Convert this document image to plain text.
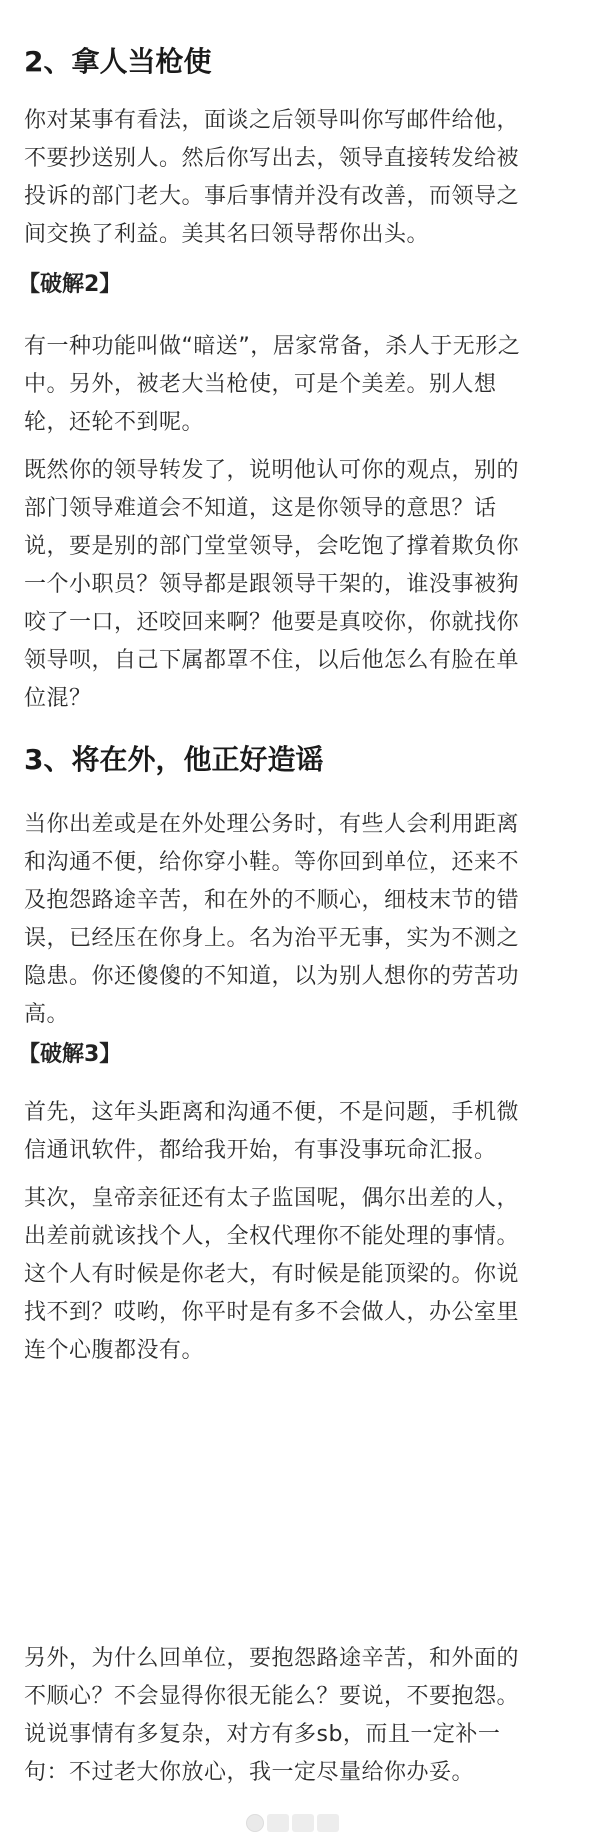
2、拿人当枪使
你对某事有看法，面谈之后领导叫你写邮件给他，
不要抄送别人。然后你写出去，领导直接转发给被
投诉的部门老大。事后事情并没有改善，而领导之
间交换了利益。美其名曰领导帮你出头。
【破解2】
有一种功能叫做“暗送”，居家常备，杀人于无形之
中。另外，被老大当枪使，可是个美差。别人想
轮，还轮不到呢。
既然你的领导转发了，说明他认可你的观点，别的
部门领导难道会不知道，这是你领导的意思？话
说，要是别的部门堂堂领导，会吃饱了撑着欺负你
一个小职员？领导都是跟领导干架的，谁没事被狗
咬了一口，还咬回来啊？他要是真咬你，你就找你
领导呗，自己下属都罩不住，以后他怎么有脸在单
位混？
3、将在外，他正好造谣
当你出差或是在外处理公务时，有些人会利用距离
和沟通不便，给你穿小鞋。等你回到单位，还来不
及抱怨路途辛苦，和在外的不顺心，细枝末节的错
误，已经压在你身上。名为治平无事，实为不测之
隐患。你还傻傻的不知道，以为别人想你的劳苦功
高。
【破解3】
首先，这年头距离和沟通不便，不是问题，手机微
信通讯软件，都给我开始，有事没事玩命汇报。
其次，皇帝亲征还有太子监国呢，偶尔出差的人，
出差前就该找个人，全权代理你不能处理的事情。
这个人有时候是你老大，有时候是能顶梁的。你说
找不到？哎哟，你平时是有多不会做人，办公室里
连个心腹都没有。
另外，为什么回单位，要抱怨路途辛苦，和外面的
不顺心？不会显得你很无能么？要说，不要抱怨。
说说事情有多复杂，对方有多sb，而且一定补一
句：不过老大你放心，我一定尽量给你办妥。
